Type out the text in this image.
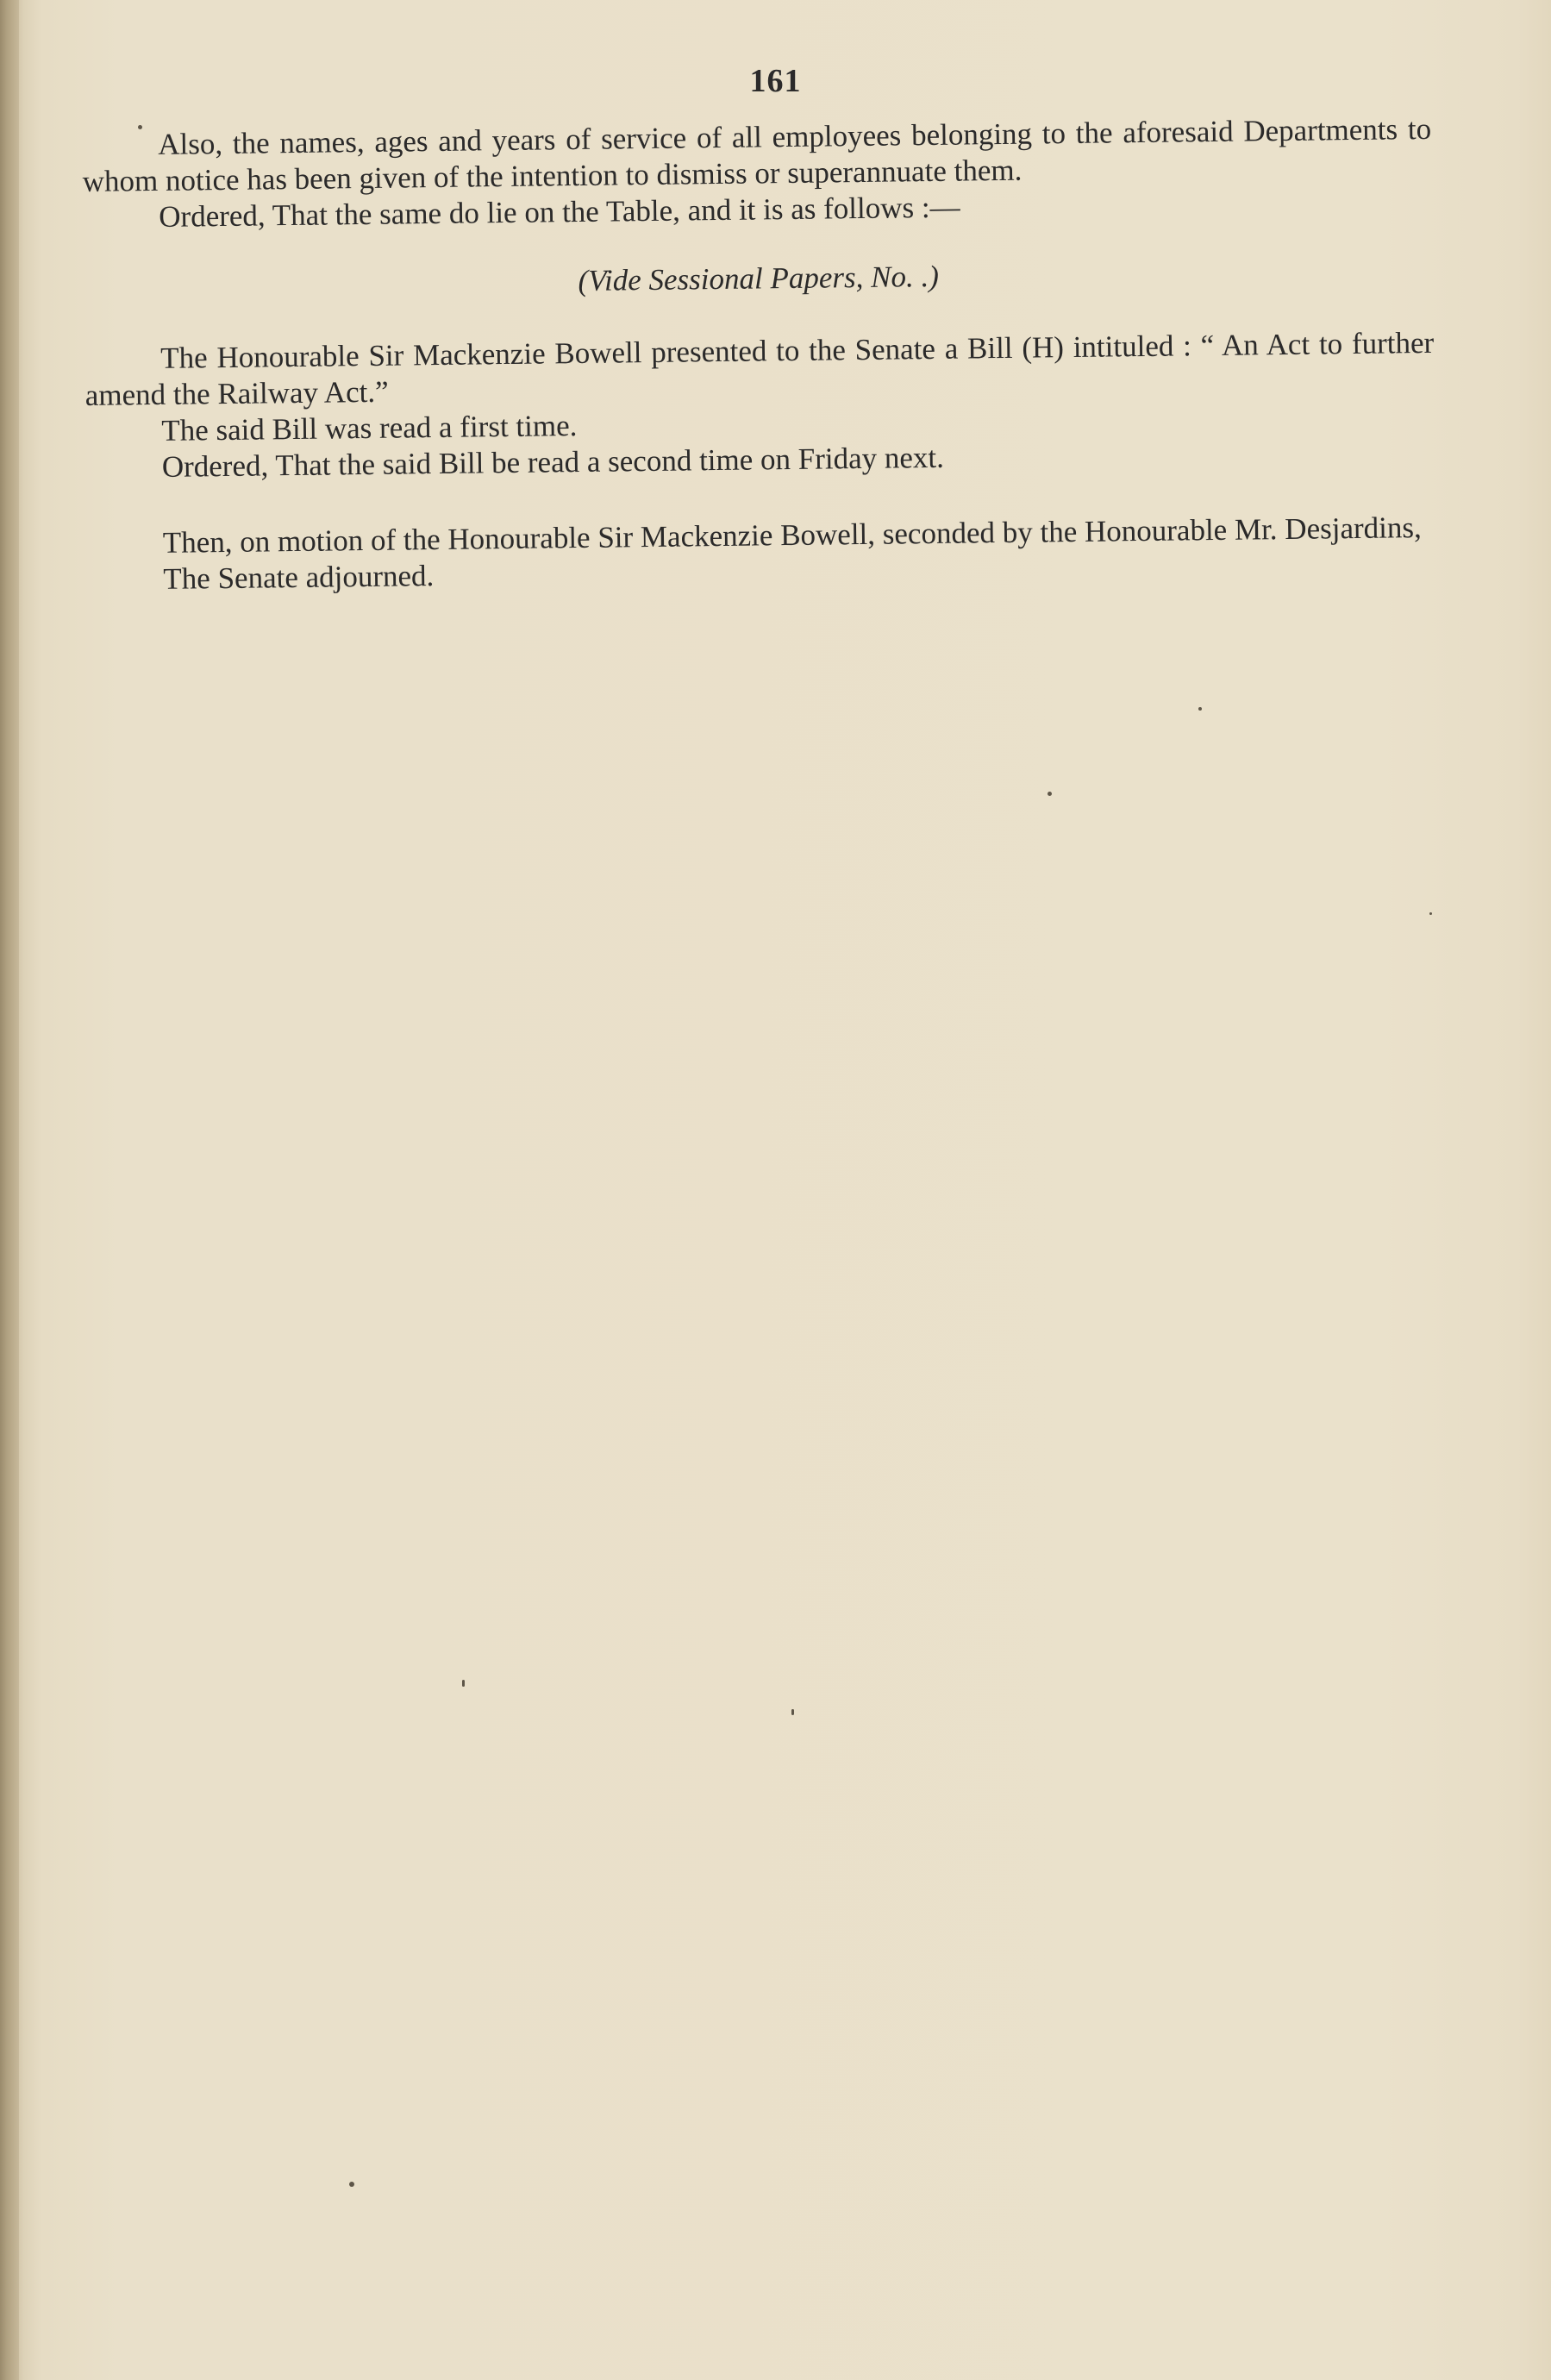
161

Also, the names, ages and years of service of all employees belonging to the aforesaid Departments to whom notice has been given of the intention to dismiss or superannuate them.

Ordered, That the same do lie on the Table, and it is as follows :—

(Vide Sessional Papers, No. .)

The Honourable Sir Mackenzie Bowell presented to the Senate a Bill (H) intituled : “ An Act to further amend the Railway Act.”

The said Bill was read a first time.

Ordered, That the said Bill be read a second time on Friday next.

Then, on motion of the Honourable Sir Mackenzie Bowell, seconded by the Honourable Mr. Desjardins,

The Senate adjourned.
